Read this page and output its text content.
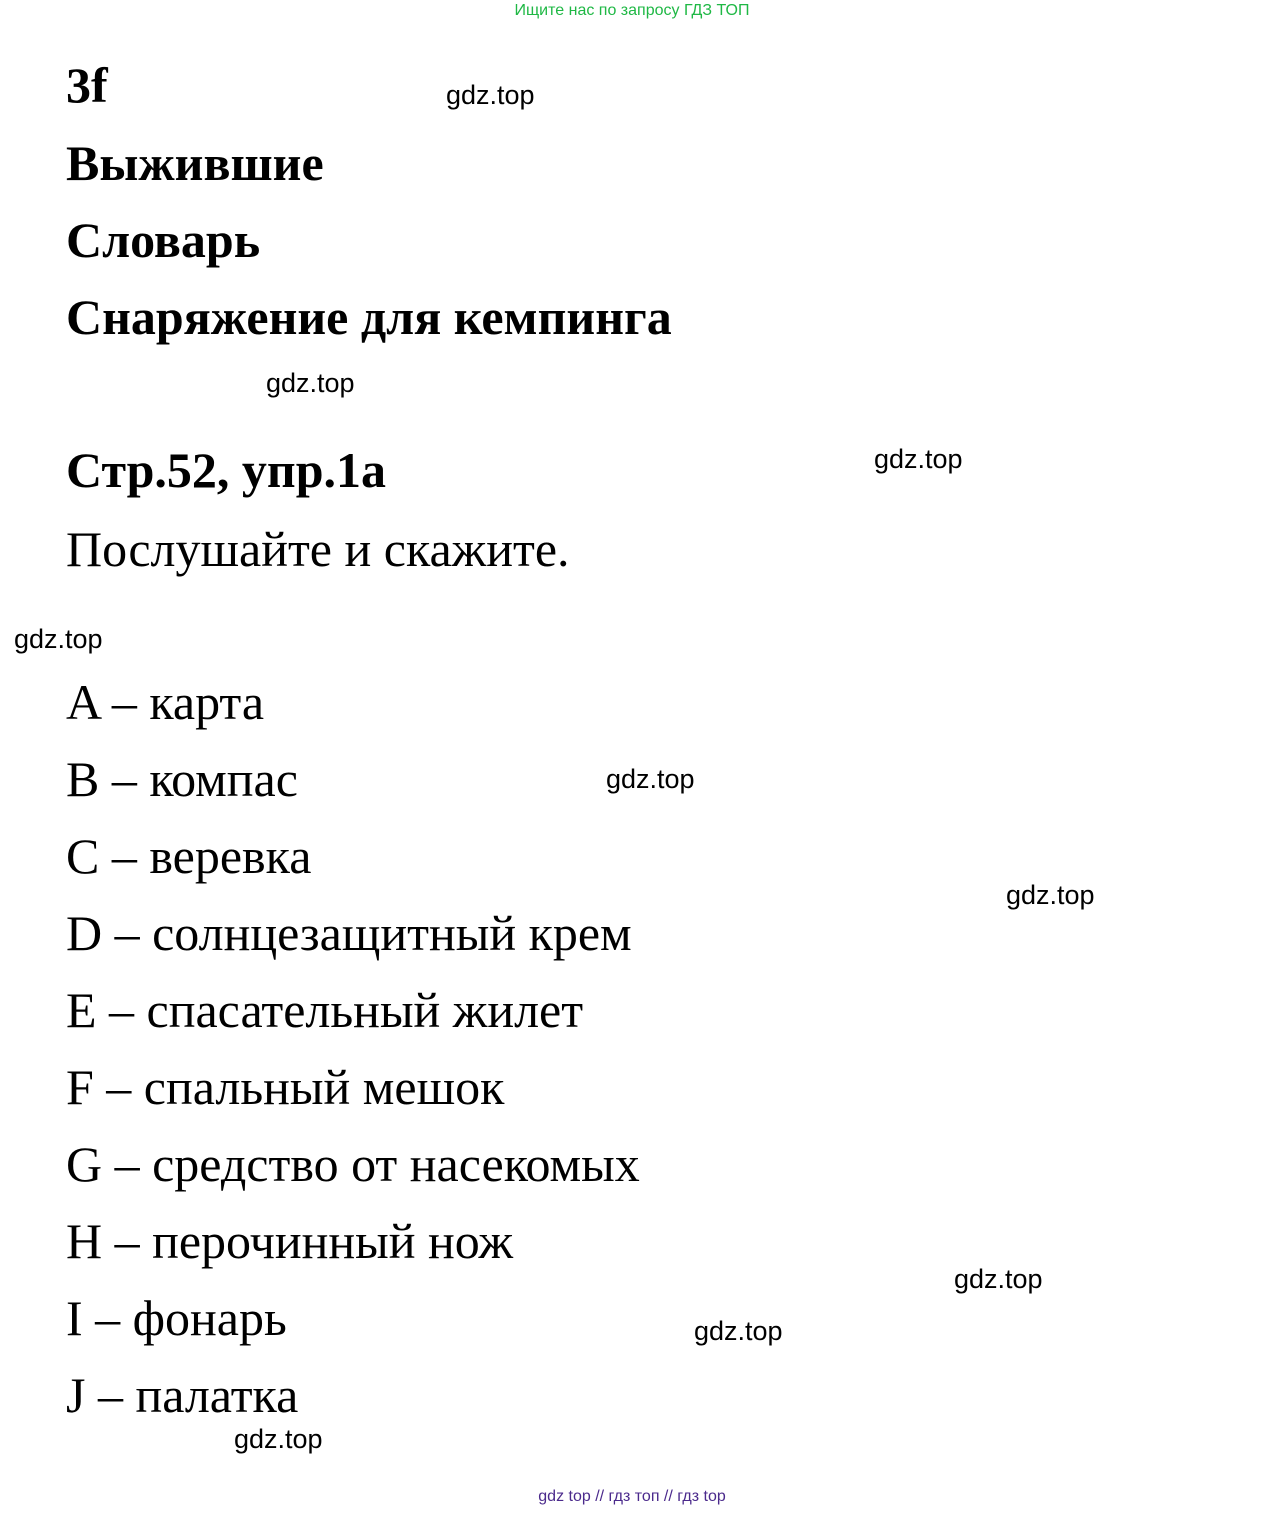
Ищите нас по запросу ГДЗ ТОП
3f
Выжившие
Словарь
Снаряжение для кемпинга
Стр.52, упр.1a
Послушайте и скажите.
A – карта
B – компас
C – веревка
D – солнцезащитный крем
E – спасательный жилет
F – спальный мешок
G – средство от насекомых
H – перочинный нож
I – фонарь
J – палатка
gdz.top
gdz.top
gdz.top
gdz.top
gdz.top
gdz.top
gdz.top
gdz.top
gdz.top
gdz top // гдз топ // гдз top
